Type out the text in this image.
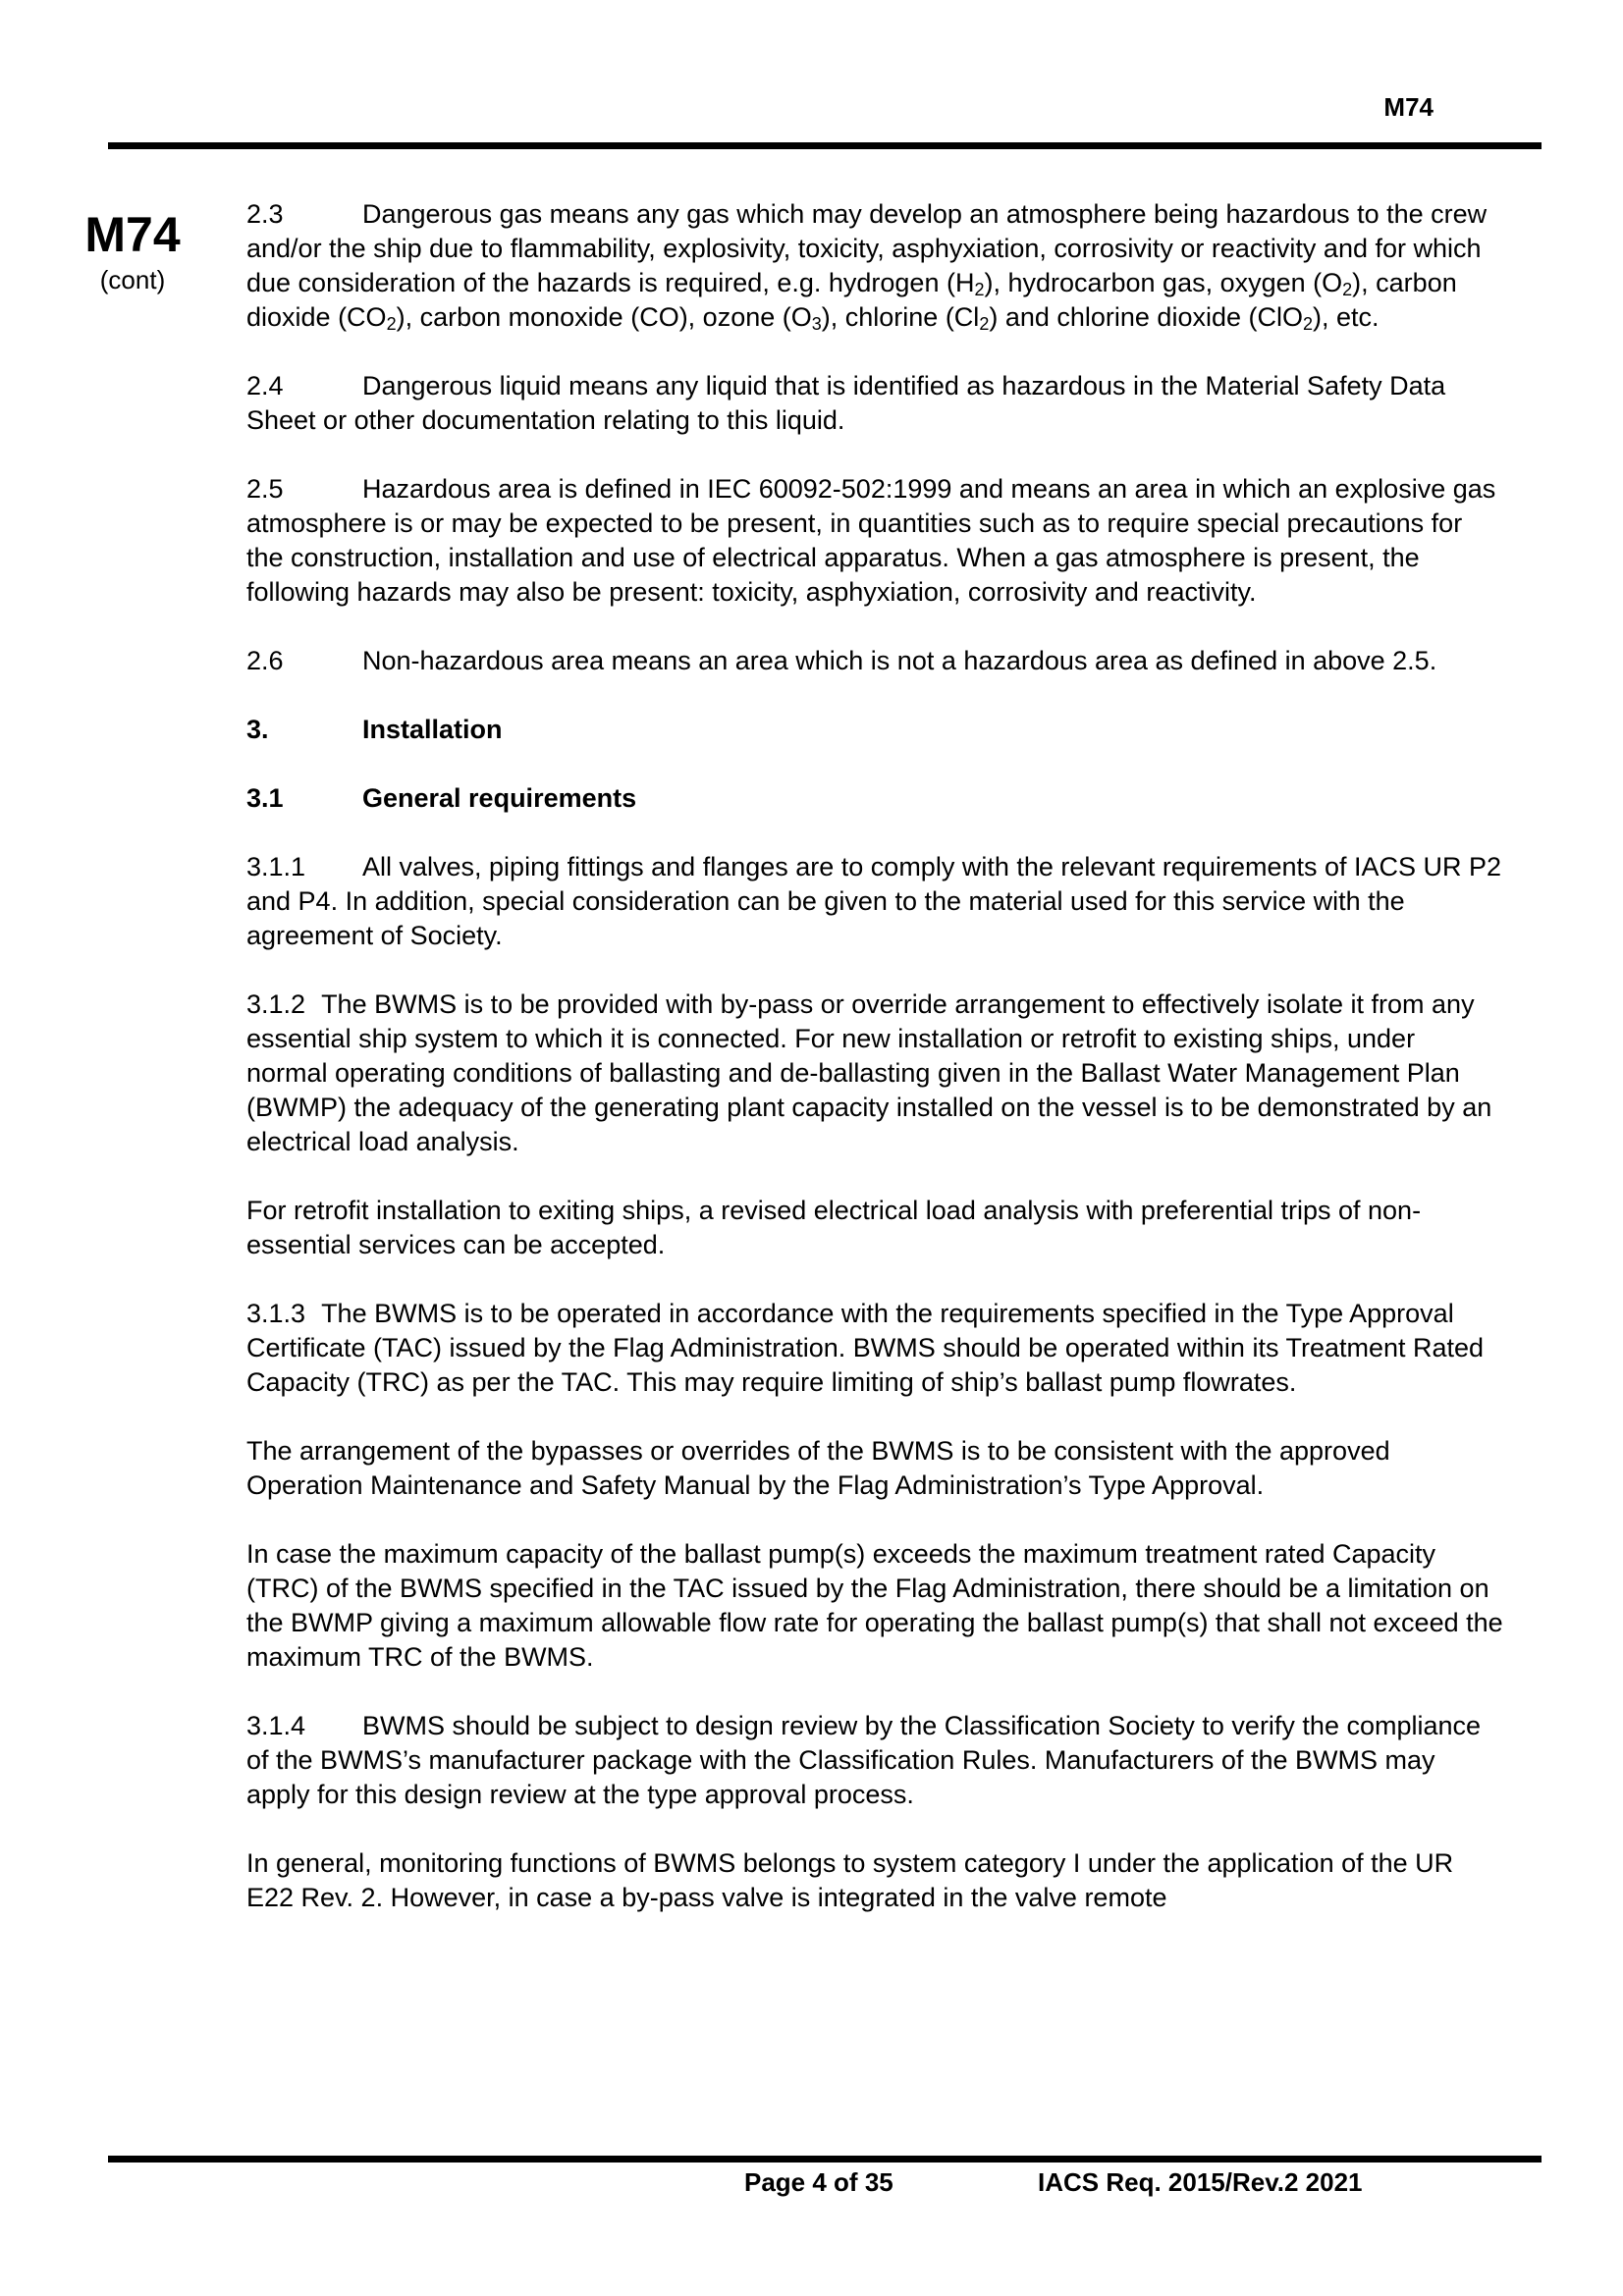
M74
M74
(cont)

2.3	Dangerous gas means any gas which may develop an atmosphere being hazardous to the crew and/or the ship due to flammability, explosivity, toxicity, asphyxiation, corrosivity or reactivity and for which due consideration of the hazards is required, e.g. hydrogen $(H_2)$, hydrocarbon gas, oxygen $(O_2)$, carbon dioxide $(CO_2)$, carbon monoxide (CO), ozone $(O_3)$, chlorine $(Cl_2)$ and chlorine dioxide (ClO$_2$), etc.

2.4	Dangerous liquid means any liquid that is identified as hazardous in the Material Safety Data Sheet or other documentation relating to this liquid.

2.5	Hazardous area is defined in IEC 60092-502:1999 and means an area in which an explosive gas atmosphere is or may be expected to be present, in quantities such as to require special precautions for the construction, installation and use of electrical apparatus. When a gas atmosphere is present, the following hazards may also be present: toxicity, asphyxiation, corrosivity and reactivity.

2.6	Non-hazardous area means an area which is not a hazardous area as defined in above 2.5.

3.	Installation
3.1	General requirements

3.1.1 All valves, piping fittings and flanges are to comply with the relevant requirements of IACS UR P2 and P4. In addition, special consideration can be given to the material used for this service with the agreement of Society.

3.1.2 The BWMS is to be provided with by-pass or override arrangement to effectively isolate it from any essential ship system to which it is connected. For new installation or retrofit to existing ships, under normal operating conditions of ballasting and de-ballasting given in the Ballast Water Management Plan (BWMP) the adequacy of the generating plant capacity installed on the vessel is to be demonstrated by an electrical load analysis.

For retrofit installation to exiting ships, a revised electrical load analysis with preferential trips of non-essential services can be accepted.

3.1.3 The BWMS is to be operated in accordance with the requirements specified in the Type Approval Certificate (TAC) issued by the Flag Administration. BWMS should be operated within its Treatment Rated Capacity (TRC) as per the TAC. This may require limiting of ship’s ballast pump flowrates.

The arrangement of the bypasses or overrides of the BWMS is to be consistent with the approved Operation Maintenance and Safety Manual by the Flag Administration’s Type Approval.

In case the maximum capacity of the ballast pump(s) exceeds the maximum treatment rated Capacity (TRC) of the BWMS specified in the TAC issued by the Flag Administration, there should be a limitation on the BWMP giving a maximum allowable flow rate for operating the ballast pump(s) that shall not exceed the maximum TRC of the BWMS.

3.1.4 BWMS should be subject to design review by the Classification Society to verify the compliance of the BWMS’s manufacturer package with the Classification Rules. Manufacturers of the BWMS may apply for this design review at the type approval process.

In general, monitoring functions of BWMS belongs to system category I under the application of the UR E22 Rev. 2. However, in case a by-pass valve is integrated in the valve remote

Page 4 of 35	IACS Req. 2015/Rev.2 2021
